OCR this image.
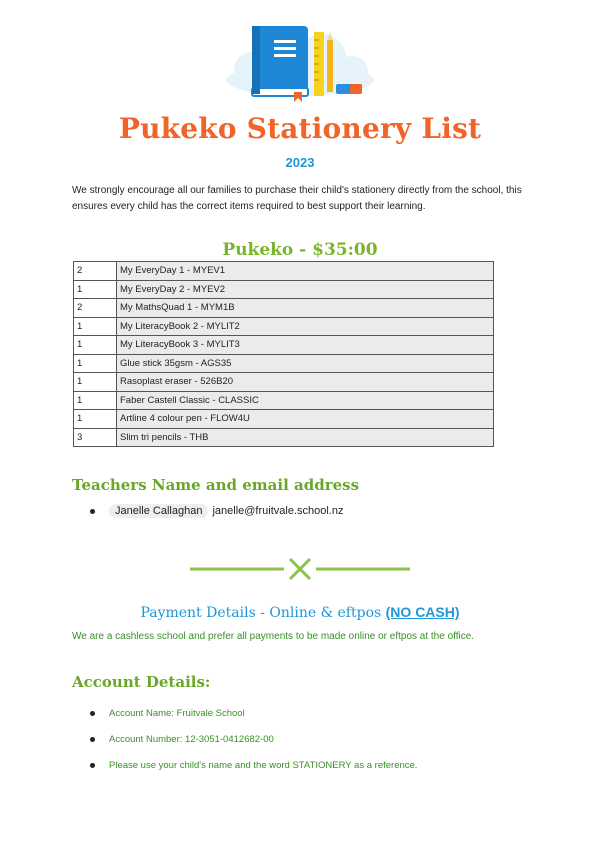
Pukeko Stationery List
2023
We strongly encourage all our families to purchase their child's stationery directly from the school, this ensures every child has the correct items required to best support their learning.
Pukeko - $35:00
2	My EveryDay 1 - MYEV1
1	My EveryDay 2 - MYEV2
2	My MathsQuad 1 - MYM1B
1	My LiteracyBook 2 - MYLIT2
1	My LiteracyBook 3 - MYLIT3
1	Glue stick 35gsm - AGS35
1	Rasoplast eraser - 526B20
1	Faber Castell Classic - CLASSIC
1	Artline 4 colour pen - FLOW4U
3	Slim tri pencils - THB
Teachers Name and email address
Janelle Callaghan janelle@fruitvale.school.nz
Payment Details - Online & eftpos (NO CASH)
We are a cashless school and prefer all payments to be made online or eftpos at the office.
Account Details:
Account Name: Fruitvale School
Account Number: 12-3051-0412682-00
Please use your child's name and the word STATIONERY as a reference.
